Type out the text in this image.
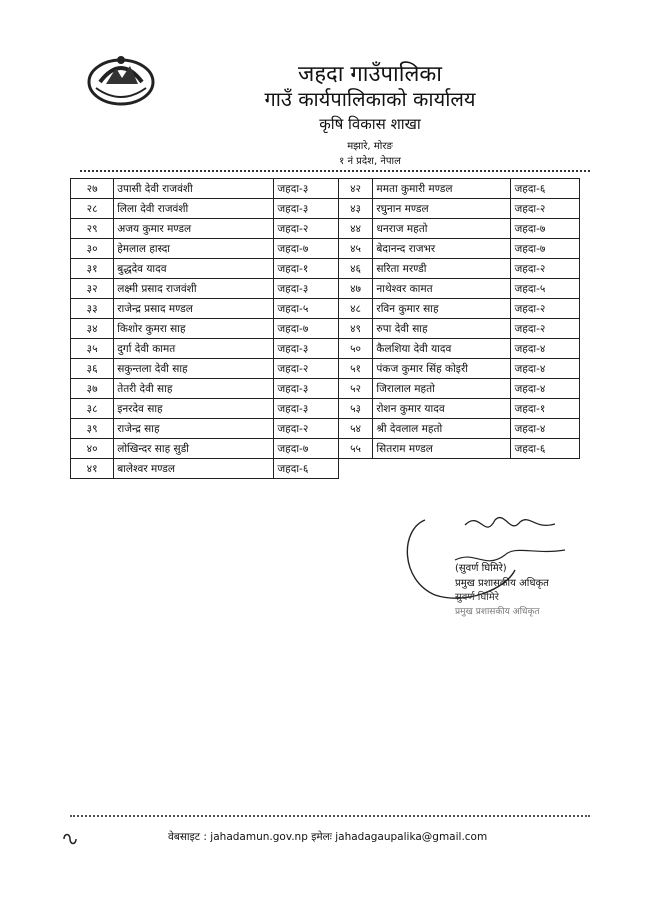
जहदा गाउँपालिका
गाउँ कार्यपालिकाको कार्यालय
कृषि विकास शाखा
मझारे, मोरङ
१ नं प्रदेश, नेपाल
२७	उपासी देवी राजवंशी	जहदा-३	४२	ममता कुमारी मण्डल	जहदा-६
२८	लिला देवी राजवंशी	जहदा-३	४३	रघुनान मण्डल	जहदा-२
२९	अजय कुमार मण्डल	जहदा-२	४४	धनराज महतो	जहदा-७
३०	हेमलाल हास्दा	जहदा-७	४५	बेदानन्द राजभर	जहदा-७
३१	बुद्धदेव यादव	जहदा-१	४६	सरिता मरण्डी	जहदा-२
३२	लक्ष्मी प्रसाद राजवंशी	जहदा-३	४७	नाथेश्वर कामत	जहदा-५
३३	राजेन्द्र प्रसाद मण्डल	जहदा-५	४८	रविन कुमार साह	जहदा-२
३४	किशोर कुमरा साह	जहदा-७	४९	रुपा देवी साह	जहदा-२
३५	दुर्गा देवी कामत	जहदा-३	५०	कैलशिया देवी यादव	जहदा-४
३६	सकुन्तला देवी साह	जहदा-२	५१	पंकज कुमार सिंह कोइरी	जहदा-४
३७	तेतरी देवी साह	जहदा-३	५२	जिरालाल महतो	जहदा-४
३८	इनरदेव साह	जहदा-३	५३	रोशन कुमार यादव	जहदा-१
३९	राजेन्द्र साह	जहदा-२	५४	श्री देवलाल महतो	जहदा-४
४०	लोखिन्दर साह सुडी	जहदा-७	५५	सितराम मण्डल	जहदा-६
४१	बालेश्वर मण्डल	जहदा-६			
(सुवर्ण घिमिरे)
प्रमुख प्रशासकीय अधिकृत
सुवर्ण घिमिरे
प्रमुख प्रशासकीय अधिकृत
वेबसाइट : jahadamun.gov.np इमेलः jahadagaupalika@gmail.com
